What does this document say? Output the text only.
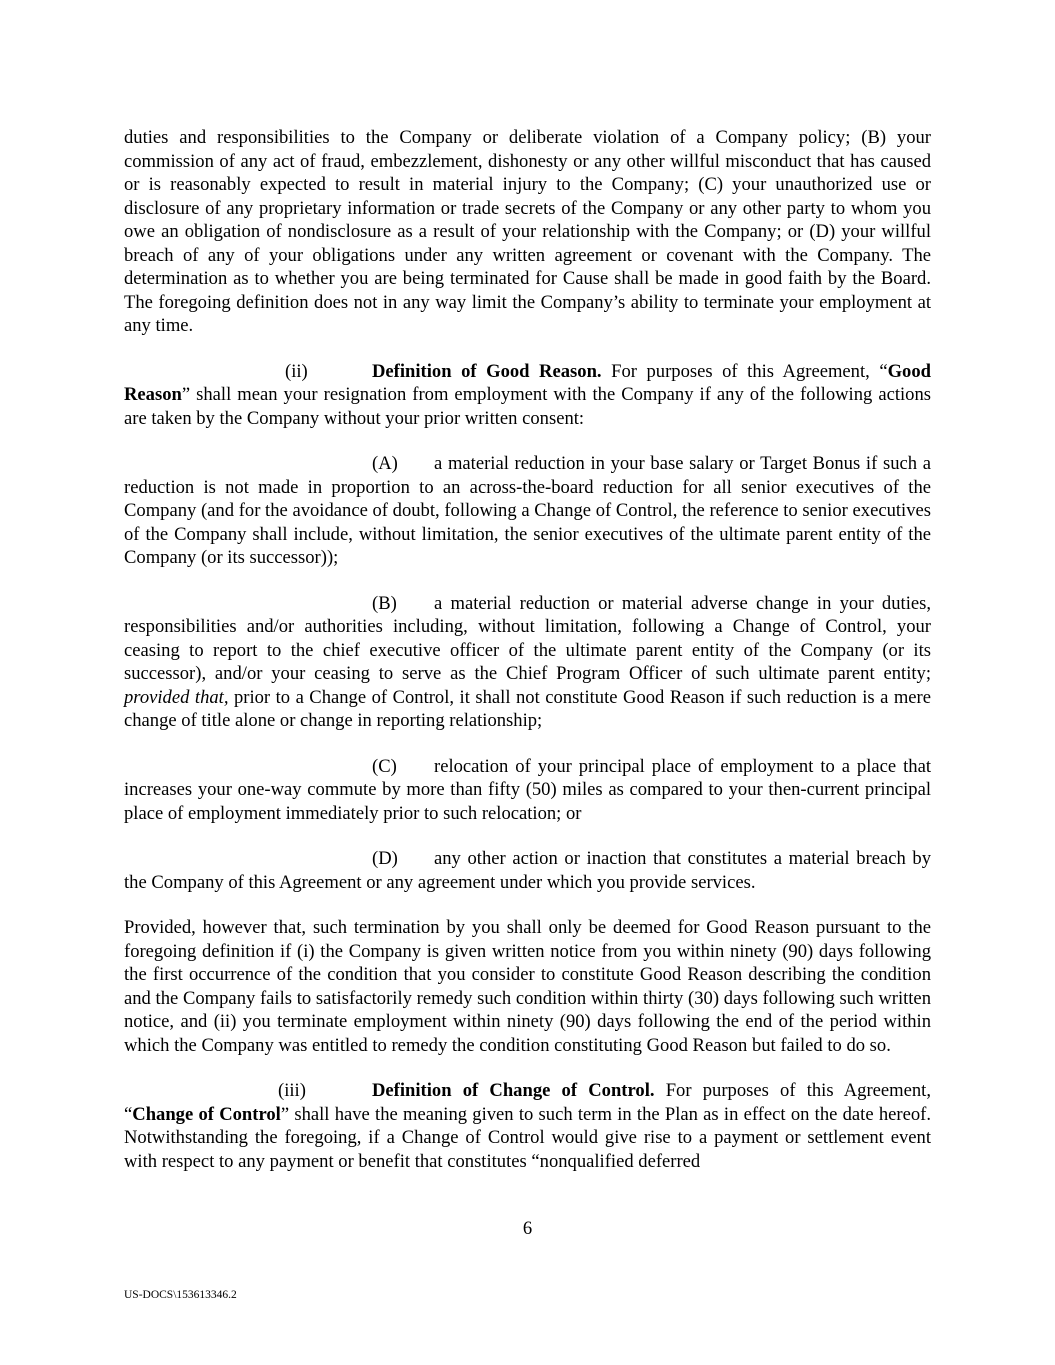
duties and responsibilities to the Company or deliberate violation of a Company policy; (B) your commission of any act of fraud, embezzlement, dishonesty or any other willful misconduct that has caused or is reasonably expected to result in material injury to the Company; (C) your unauthorized use or disclosure of any proprietary information or trade secrets of the Company or any other party to whom you owe an obligation of nondisclosure as a result of your relationship with the Company; or (D) your willful breach of any of your obligations under any written agreement or covenant with the Company. The determination as to whether you are being terminated for Cause shall be made in good faith by the Board. The foregoing definition does not in any way limit the Company’s ability to terminate your employment at any time.

(ii)	Definition of Good Reason. For purposes of this Agreement, “Good Reason” shall mean your resignation from employment with the Company if any of the following actions are taken by the Company without your prior written consent:

(A) a material reduction in your base salary or Target Bonus if such a reduction is not made in proportion to an across-the-board reduction for all senior executives of the Company (and for the avoidance of doubt, following a Change of Control, the reference to senior executives of the Company shall include, without limitation, the senior executives of the ultimate parent entity of the Company (or its successor));

(B) a material reduction or material adverse change in your duties, responsibilities and/or authorities including, without limitation, following a Change of Control, your ceasing to report to the chief executive officer of the ultimate parent entity of the Company (or its successor), and/or your ceasing to serve as the Chief Program Officer of such ultimate parent entity; provided that, prior to a Change of Control, it shall not constitute Good Reason if such reduction is a mere change of title alone or change in reporting relationship;

(C) relocation of your principal place of employment to a place that increases your one-way commute by more than fifty (50) miles as compared to your then-current principal place of employment immediately prior to such relocation; or

(D) any other action or inaction that constitutes a material breach by the Company of this Agreement or any agreement under which you provide services.

Provided, however that, such termination by you shall only be deemed for Good Reason pursuant to the foregoing definition if (i) the Company is given written notice from you within ninety (90) days following the first occurrence of the condition that you consider to constitute Good Reason describing the condition and the Company fails to satisfactorily remedy such condition within thirty (30) days following such written notice, and (ii) you terminate employment within ninety (90) days following the end of the period within which the Company was entitled to remedy the condition constituting Good Reason but failed to do so.

(iii)	Definition of Change of Control. For purposes of this Agreement, “Change of Control” shall have the meaning given to such term in the Plan as in effect on the date hereof. Notwithstanding the foregoing, if a Change of Control would give rise to a payment or settlement event with respect to any payment or benefit that constitutes “nonqualified deferred

6
US-DOCS\153613346.2
